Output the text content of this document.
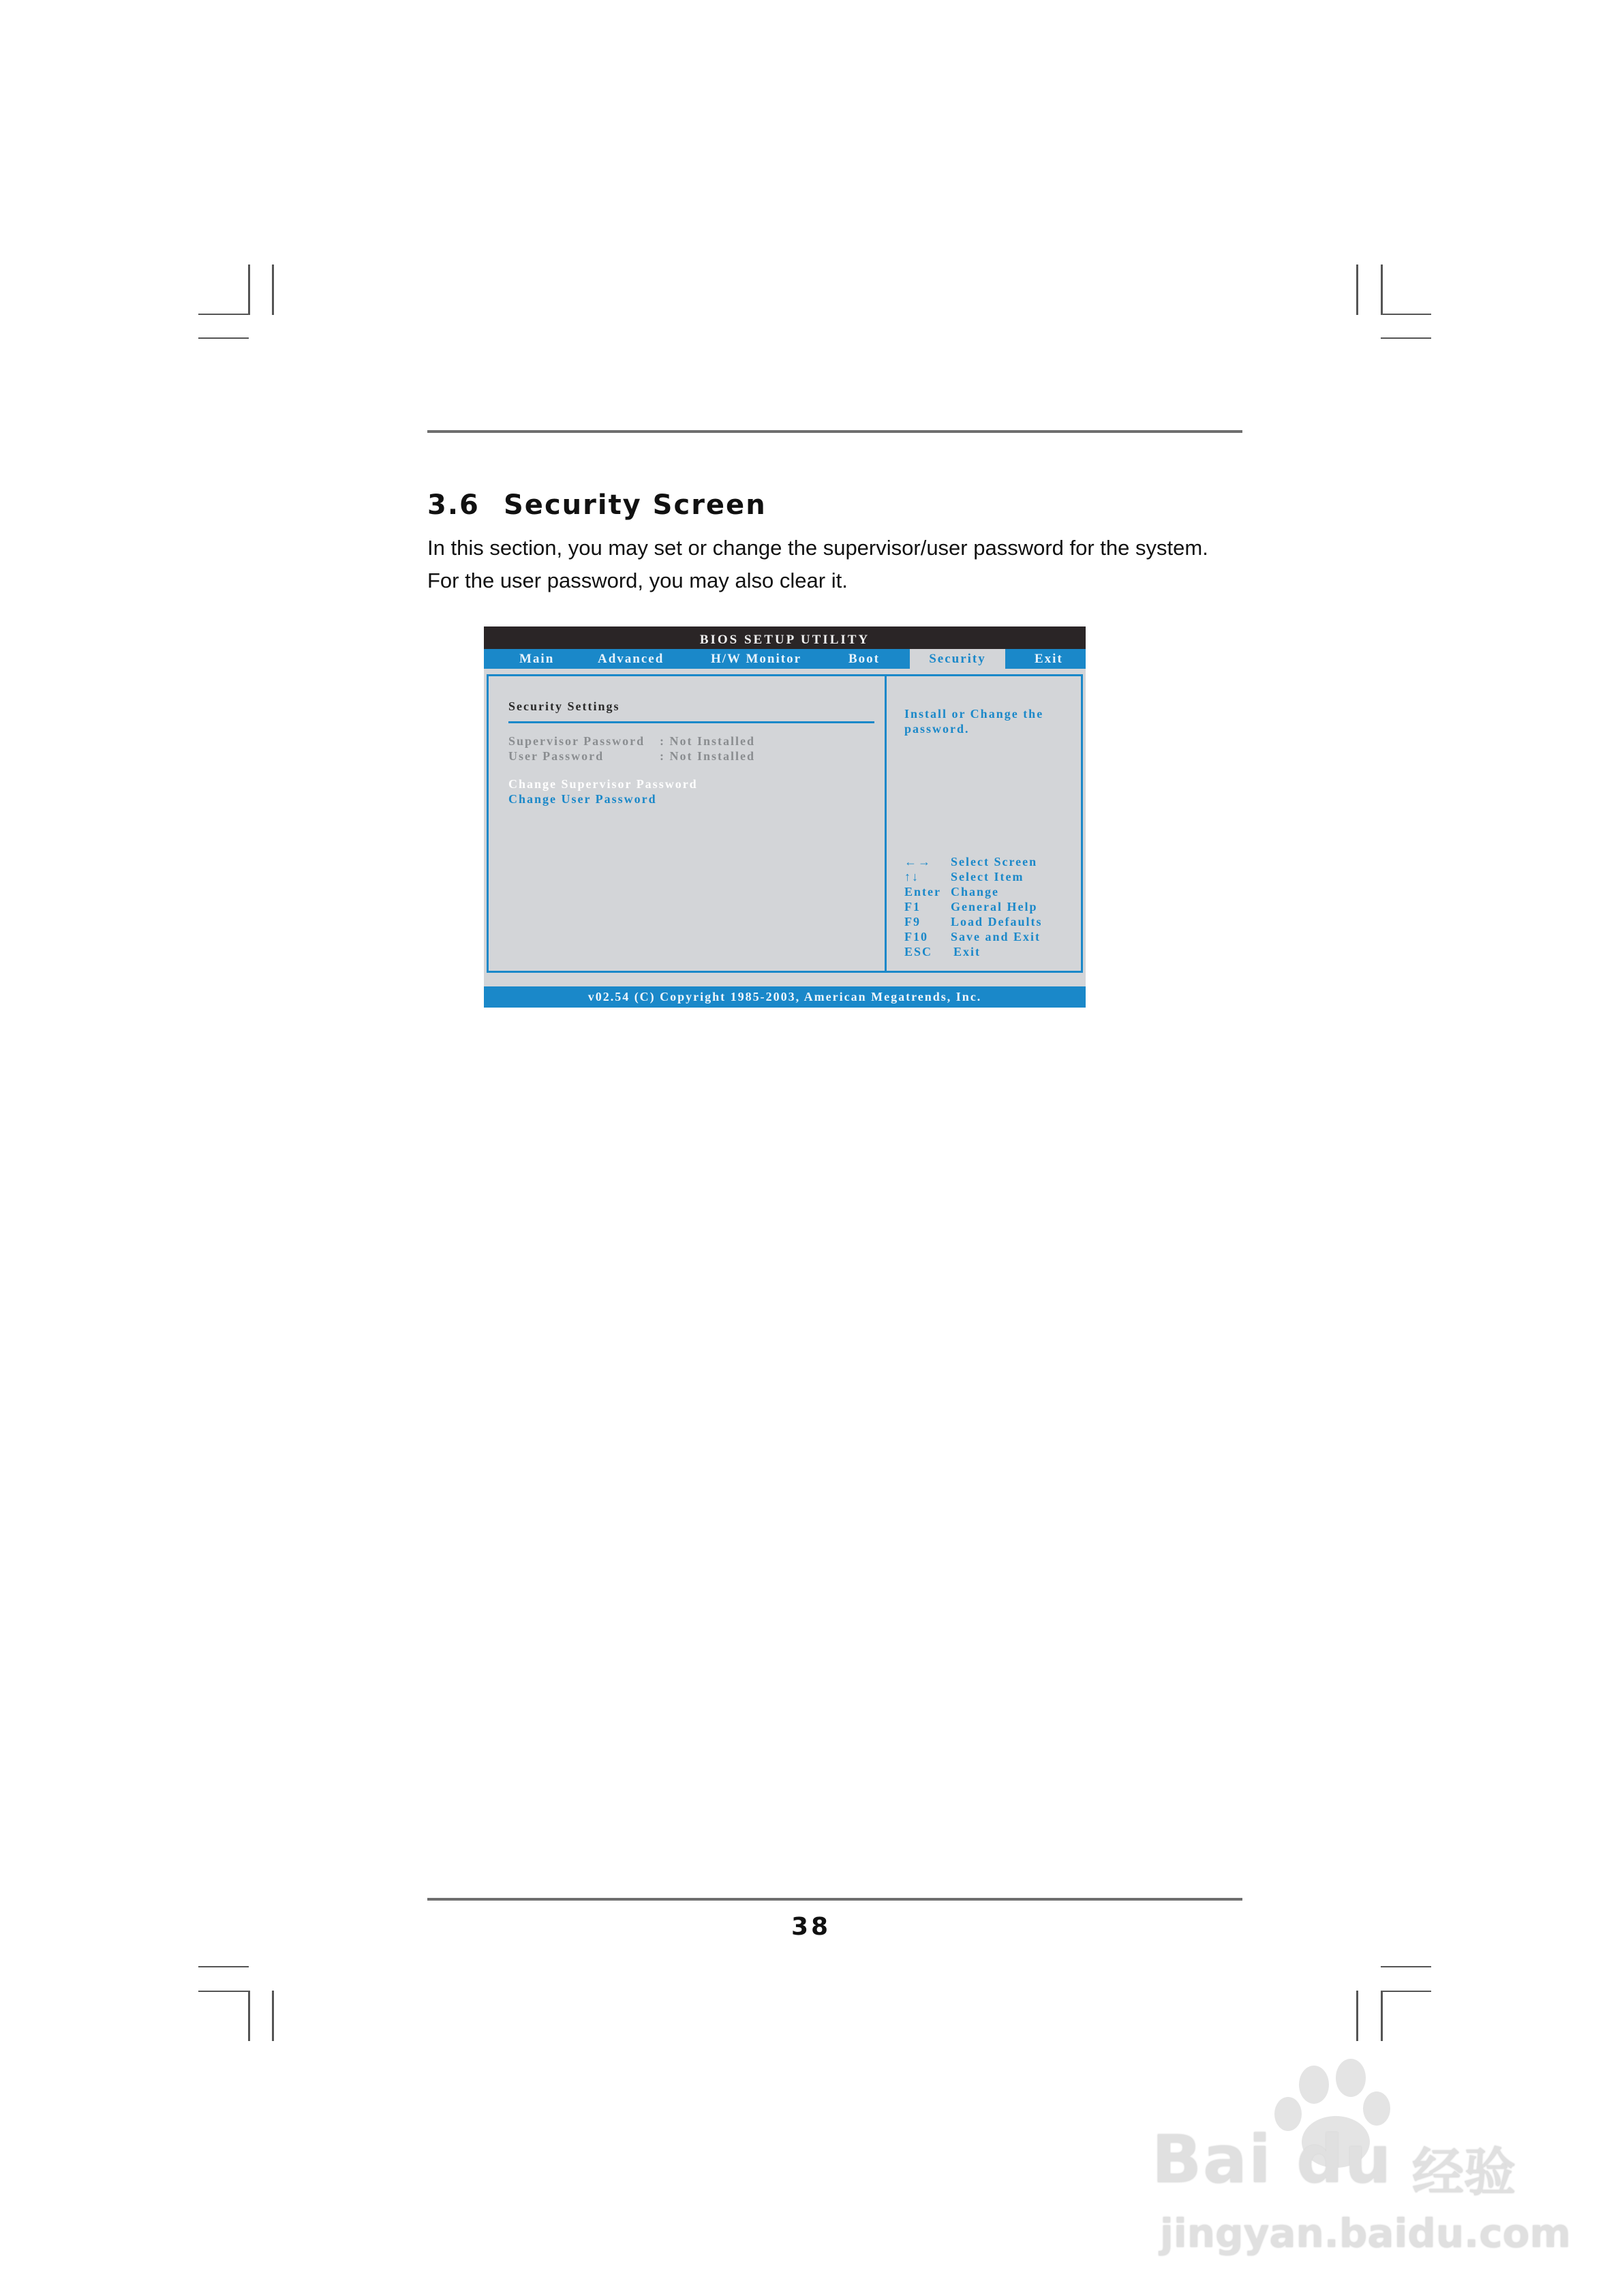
3.6 Security Screen
In this section, you may set or change the supervisor/user password for the system.
For the user password, you may also clear it.
BIOS SETUP UTILITY
Main	Advanced	H/W Monitor	Boot	Security	Exit
Security Settings
Supervisor Password : Not Installed
User Password	: Not Installed
Change Supervisor Password
Change User Password
Install or Change the
password.
←→ Select Screen
↑↓	Select Item
Enter Change
F1 General Help
F9 Load Defaults
F10 Save and Exit
ESC Exit
v02.54 (C) Copyright 1985-2003, American Megatrends, Inc.
38
Bai du 经验
jingyan.baidu.com
